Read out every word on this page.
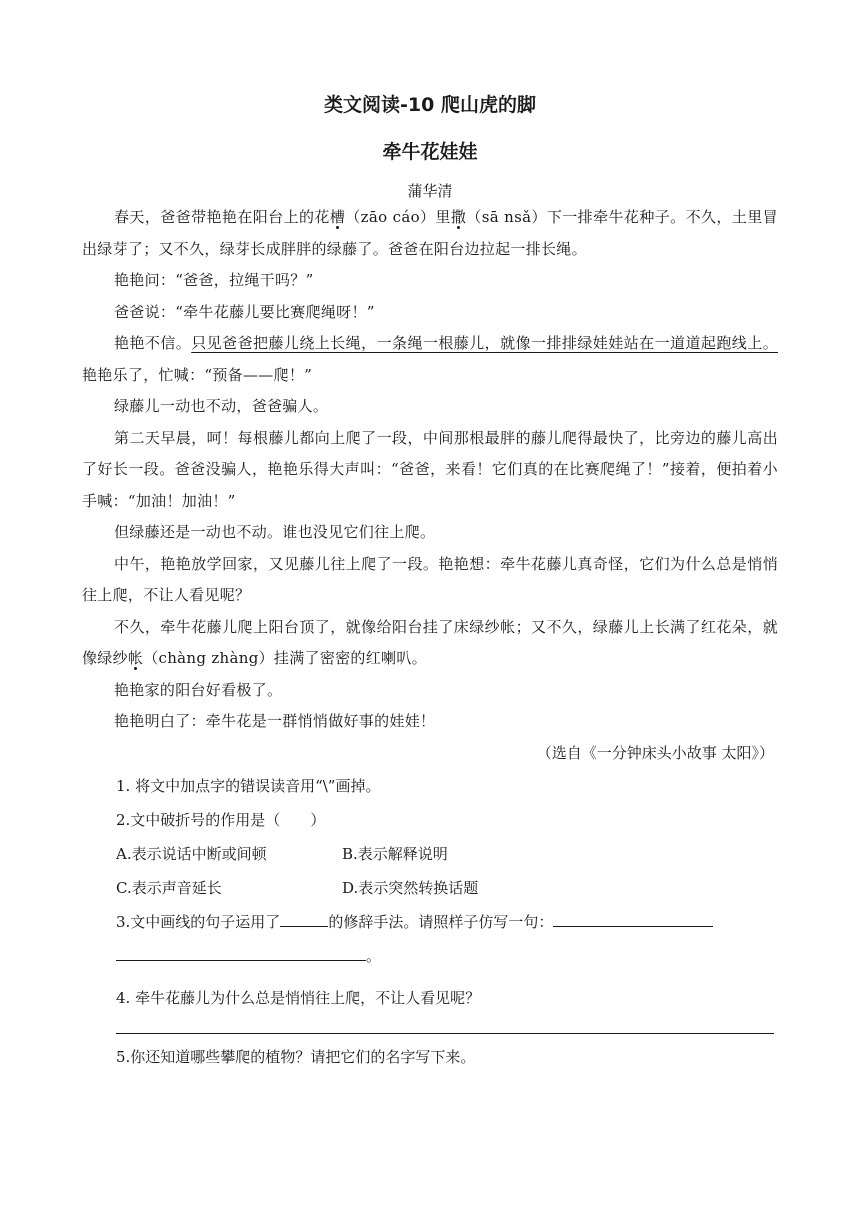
类文阅读-10 爬山虎的脚
牵牛花娃娃
蒲华清

春天，爸爸带艳艳在阳台上的花槽（zāo cáo）里撒（sā nsǎ）下一排牵牛花种子。不久，土里冒出绿芽了；又不久，绿芽长成胖胖的绿藤了。爸爸在阳台边拉起一排长绳。

艳艳问：“爸爸，拉绳干吗？”

爸爸说：“牵牛花藤儿要比赛爬绳呀！”

艳艳不信。只见爸爸把藤儿绕上长绳，一条绳一根藤儿，就像一排排绿娃娃站在一道道起跑线上。艳艳乐了，忙喊：“预备——爬！”

绿藤儿一动也不动，爸爸骗人。

第二天早晨，呵！每根藤儿都向上爬了一段，中间那根最胖的藤儿爬得最快了，比旁边的藤儿高出了好长一段。爸爸没骗人，艳艳乐得大声叫：“爸爸，来看！它们真的在比赛爬绳了！”接着，便拍着小手喊：“加油！加油！”

但绿藤还是一动也不动。谁也没见它们往上爬。

中午，艳艳放学回家，又见藤儿往上爬了一段。艳艳想：牵牛花藤儿真奇怪，它们为什么总是悄悄往上爬，不让人看见呢？

不久，牵牛花藤儿爬上阳台顶了，就像给阳台挂了床绿纱帐；又不久，绿藤儿上长满了红花朵，就像绿纱帐（chàng zhàng）挂满了密密的红喇叭。

艳艳家的阳台好看极了。

艳艳明白了：牵牛花是一群悄悄做好事的娃娃！

（选自《一分钟床头小故事 太阳》）

1. 将文中加点字的错误读音用“\”画掉。

2.文中破折号的作用是（　　）

A.表示说话中断或间顿	B.表示解释说明
C.表示声音延长	D.表示突然转换话题

3.文中画线的句子运用了	的修辞手法。请照样子仿写一句：

。

4. 牵牛花藤儿为什么总是悄悄往上爬，不让人看见呢？

5.你还知道哪些攀爬的植物？请把它们的名字写下来。
